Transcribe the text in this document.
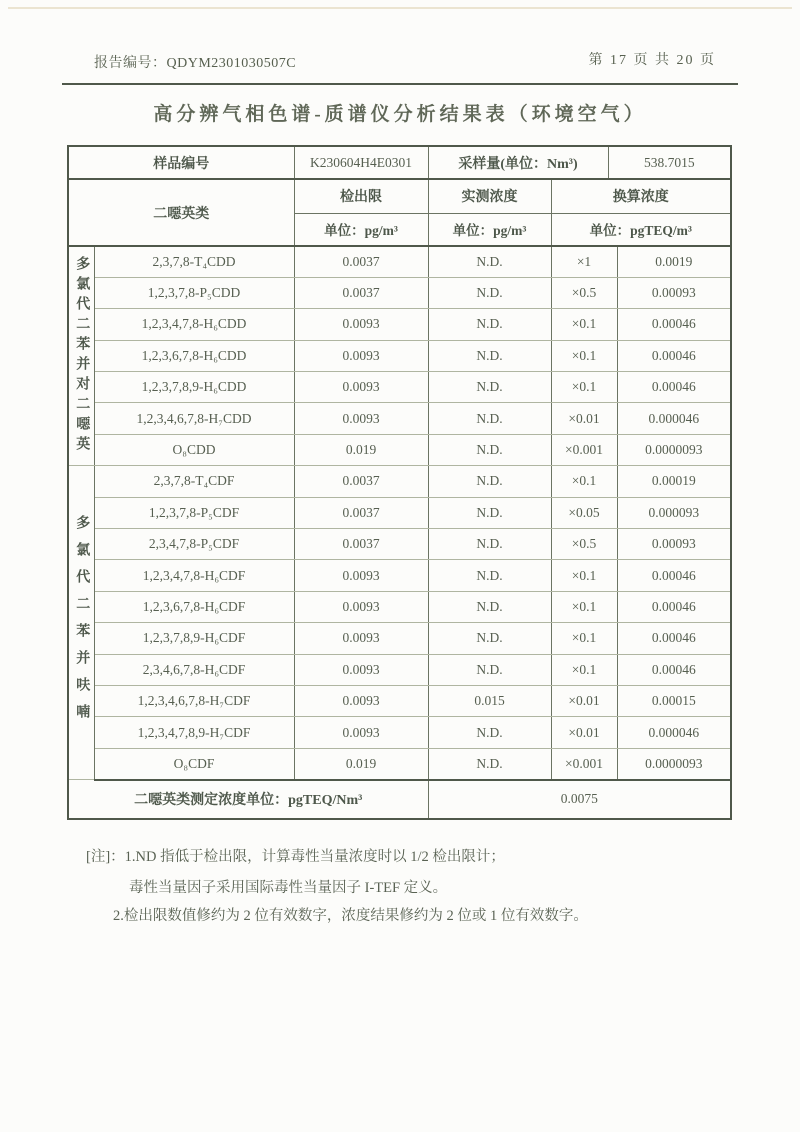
报告编号：QDYM2301030507C	第 17 页 共 20 页
高分辨气相色谱-质谱仪分析结果表（环境空气）
样品编号		K230604H4E0301	采样量(单位：Nm³)		538.7015	
二噁英类		检出限	实测浓度	换算浓度		
		单位：pg/m³	单位：pg/m³	单位：pgTEQ/m³		

多氯代二苯并对二噁英	2,3,7,8-T₄CDD	0.0037	N.D.	×1		0.0019
	1,2,3,7,8-P₅CDD	0.0037	N.D.	×0.5		0.00093
	1,2,3,4,7,8-H₆CDD	0.0093	N.D.	×0.1		0.00046
	1,2,3,6,7,8-H₆CDD	0.0093	N.D.	×0.1		0.00046
	1,2,3,7,8,9-H₆CDD	0.0093	N.D.	×0.1		0.00046
	1,2,3,4,6,7,8-H₇CDD	0.0093	N.D.	×0.01		0.000046
	O₈CDD	0.019	N.D.	×0.001		0.0000093

多氯代二苯并呋喃	2,3,7,8-T₄CDF	0.0037	N.D.	×0.1		0.00019
	1,2,3,7,8-P₅CDF	0.0037	N.D.	×0.05		0.000093
	2,3,4,7,8-P₅CDF	0.0037	N.D.	×0.5		0.00093
	1,2,3,4,7,8-H₆CDF	0.0093	N.D.	×0.1		0.00046
	1,2,3,6,7,8-H₆CDF	0.0093	N.D.	×0.1		0.00046
	1,2,3,7,8,9-H₆CDF	0.0093	N.D.	×0.1		0.00046
	2,3,4,6,7,8-H₆CDF	0.0093	N.D.	×0.1		0.00046
	1,2,3,4,6,7,8-H₇CDF	0.0093	0.015	×0.01		0.00015
	1,2,3,4,7,8,9-H₇CDF	0.0093	N.D.	×0.01		0.000046
	O₈CDF	0.019	N.D.	×0.001		0.0000093
二噁英类测定浓度单位：pgTEQ/Nm³			0.0075			
[注]：1.ND 指低于检出限，计算毒性当量浓度时以 1/2 检出限计；
毒性当量因子采用国际毒性当量因子 I-TEF 定义。
2.检出限数值修约为 2 位有效数字，浓度结果修约为 2 位或 1 位有效数字。
